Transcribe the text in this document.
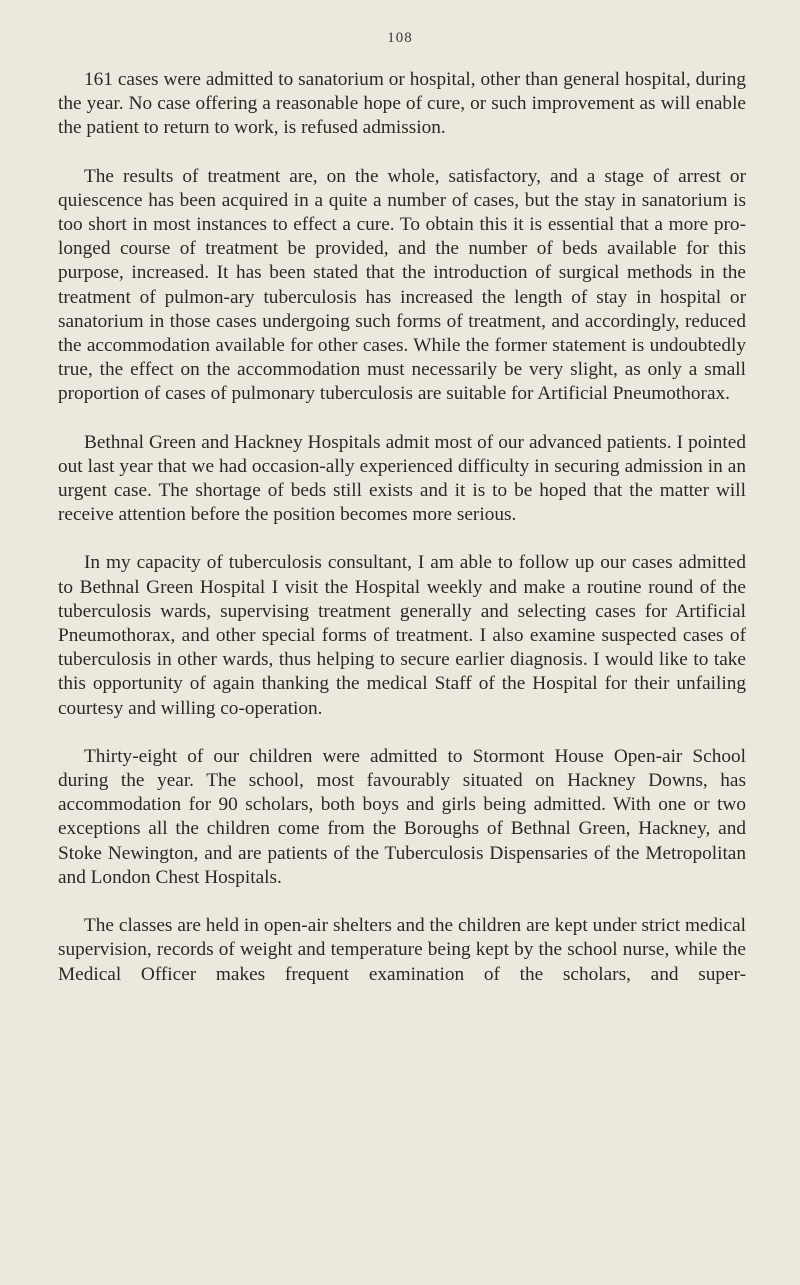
108

161 cases were admitted to sanatorium or hospital, other than general hospital, during the year. No case offering a reasonable hope of cure, or such improvement as will enable the patient to return to work, is refused admission.

The results of treatment are, on the whole, satisfactory, and a stage of arrest or quiescence has been acquired in a quite a number of cases, but the stay in sanatorium is too short in most instances to effect a cure. To obtain this it is essential that a more pro-longed course of treatment be provided, and the number of beds available for this purpose, increased. It has been stated that the introduction of surgical methods in the treatment of pulmon-ary tuberculosis has increased the length of stay in hospital or sanatorium in those cases undergoing such forms of treatment, and accordingly, reduced the accommodation available for other cases. While the former statement is undoubtedly true, the effect on the accommodation must necessarily be very slight, as only a small proportion of cases of pulmonary tuberculosis are suitable for Artificial Pneumothorax.

Bethnal Green and Hackney Hospitals admit most of our advanced patients. I pointed out last year that we had occasion-ally experienced difficulty in securing admission in an urgent case. The shortage of beds still exists and it is to be hoped that the matter will receive attention before the position becomes more serious.

In my capacity of tuberculosis consultant, I am able to follow up our cases admitted to Bethnal Green Hospital I visit the Hospital weekly and make a routine round of the tuberculosis wards, supervising treatment generally and selecting cases for Artificial Pneumothorax, and other special forms of treatment. I also examine suspected cases of tuberculosis in other wards, thus helping to secure earlier diagnosis. I would like to take this opportunity of again thanking the medical Staff of the Hospital for their unfailing courtesy and willing co-operation.

Thirty-eight of our children were admitted to Stormont House Open-air School during the year. The school, most favourably situated on Hackney Downs, has accommodation for 90 scholars, both boys and girls being admitted. With one or two exceptions all the children come from the Boroughs of Bethnal Green, Hackney, and Stoke Newington, and are patients of the Tuberculosis Dispensaries of the Metropolitan and London Chest Hospitals.

The classes are held in open-air shelters and the children are kept under strict medical supervision, records of weight and temperature being kept by the school nurse, while the Medical Officer makes frequent examination of the scholars, and super-
